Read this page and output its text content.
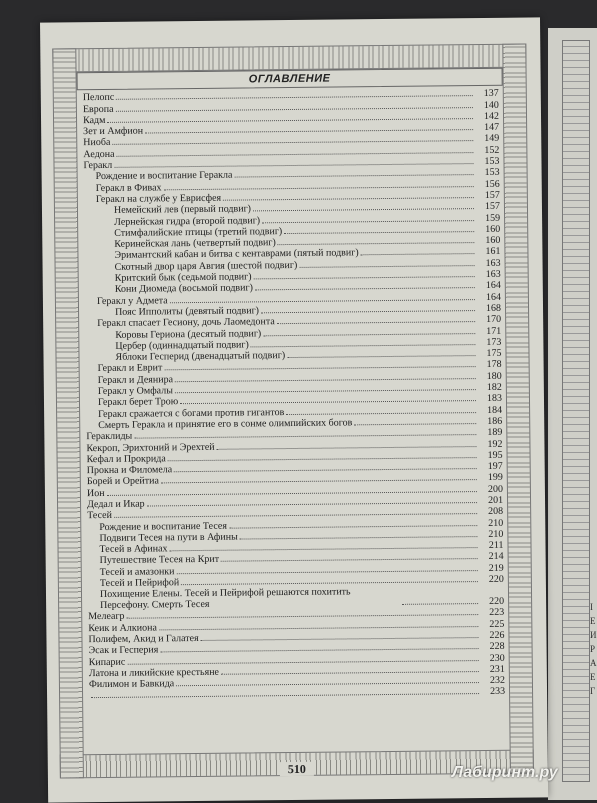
І
Е
И
Р
А
Е
Г
ОГЛАВЛЕНИЕ
Пелопс	137
Европа	140
Кадм	142
Зет и Амфион	147
Ниоба	149
Аедона	152
Геракл	153
Рождение и воспитание Геракла	153
Геракл в Фивах	156
Геракл на службе у Еврисфея	157
Немейский лев (первый подвиг)	157
Лернейская гидра (второй подвиг)	159
Стимфалийские птицы (третий подвиг)	160
Керинейская лань (четвертый подвиг)	160
Эримантский кабан и битва с кентаврами (пятый подвиг)	161
Скотный двор царя Авгия (шестой подвиг)	163
Критский бык (седьмой подвиг)	163
Кони Диомеда (восьмой подвиг)	164
Геракл у Адмета	164
Пояс Ипполиты (девятый подвиг)	168
Геракл спасает Гесиону, дочь Лаомедонта	170
Коровы Гериона (десятый подвиг)	171
Цербер (одиннадцатый подвиг)	173
Яблоки Гесперид (двенадцатый подвиг)	175
Геракл и Еврит	178
Геракл и Деянира	180
Геракл у Омфалы	182
Геракл берет Трою	183
Геракл сражается с богами против гигантов	184
Смерть Геракла и принятие его в сонме олимпийских богов	186
Гераклиды	189
Кекроп, Эрихтоний и Эрехтей	192
Кефал и Прокрида	195
Прокна и Филомела	197
Борей и Орейтиа	199
Ион	200
Дедал и Икар	201
Тесей	208
Рождение и воспитание Тесея	210
Подвиги Тесея на пути в Афины	210
Тесей в Афинах	211
Путешествие Тесея на Крит	214
Тесей и амазонки	219
Тесей и Пейрифой	220
Похищение Елены. Тесей и Пейрифой решаются похитить Персефону. Смерть Тесея	220
Мелеагр	223
Кеик и Алкиона	225
Полифем, Акид и Галатея	226
Эсак и Гесперия	228
Кипарис	230
Латона и ликийские крестьяне	231
Филимон и Бавкида	232
233
510	Лабиринт.ру
